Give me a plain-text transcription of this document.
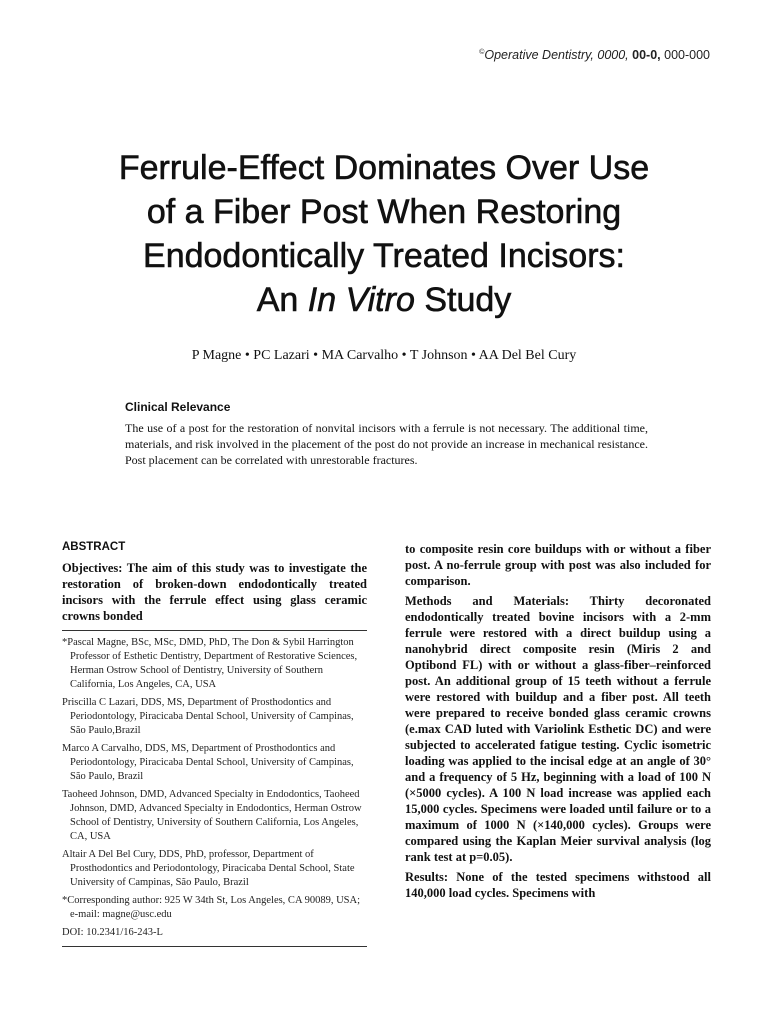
©Operative Dentistry, 0000, 00-0, 000-000
Ferrule-Effect Dominates Over Use
of a Fiber Post When Restoring
Endodontically Treated Incisors:
An In Vitro Study
P Magne • PC Lazari • MA Carvalho • T Johnson • AA Del Bel Cury
Clinical Relevance

The use of a post for the restoration of nonvital incisors with a ferrule is not necessary. The additional time, materials, and risk involved in the placement of the post do not provide an increase in mechanical resistance. Post placement can be correlated with unrestorable fractures.

ABSTRACT

Objectives: The aim of this study was to investigate the restoration of broken-down endodontically treated incisors with the ferrule effect using glass ceramic crowns bonded

*Pascal Magne, BSc, MSc, DMD, PhD, The Don & Sybil Harrington Professor of Esthetic Dentistry, Department of Restorative Sciences, Herman Ostrow School of Dentistry, University of Southern California, Los Angeles, CA, USA

Priscilla C Lazari, DDS, MS, Department of Prosthodontics and Periodontology, Piracicaba Dental School, University of Campinas, São Paulo,Brazil

Marco A Carvalho, DDS, MS, Department of Prosthodontics and Periodontology, Piracicaba Dental School, University of Campinas, São Paulo, Brazil

Taoheed Johnson, DMD, Advanced Specialty in Endodontics, Taoheed Johnson, DMD, Advanced Specialty in Endodontics, Herman Ostrow School of Dentistry, University of Southern California, Los Angeles, CA, USA

Altair A Del Bel Cury, DDS, PhD, professor, Department of Prosthodontics and Periodontology, Piracicaba Dental School, State University of Campinas, São Paulo, Brazil

*Corresponding author: 925 W 34th St, Los Angeles, CA 90089, USA; e-mail: magne@usc.edu

DOI: 10.2341/16-243-L

to composite resin core buildups with or without a fiber post. A no-ferrule group with post was also included for comparison.

Methods and Materials: Thirty decoronated endodontically treated bovine incisors with a 2-mm ferrule were restored with a direct buildup using a nanohybrid direct composite resin (Miris 2 and Optibond FL) with or without a glass-fiber–reinforced post. An additional group of 15 teeth without a ferrule were restored with buildup and a fiber post. All teeth were prepared to receive bonded glass ceramic crowns (e.max CAD luted with Variolink Esthetic DC) and were subjected to accelerated fatigue testing. Cyclic isometric loading was applied to the incisal edge at an angle of 30° and a frequency of 5 Hz, beginning with a load of 100 N (×5000 cycles). A 100 N load increase was applied each 15,000 cycles. Specimens were loaded until failure or to a maximum of 1000 N (×140,000 cycles). Groups were compared using the Kaplan Meier survival analysis (log rank test at p=0.05).

Results: None of the tested specimens withstood all 140,000 load cycles. Specimens with
